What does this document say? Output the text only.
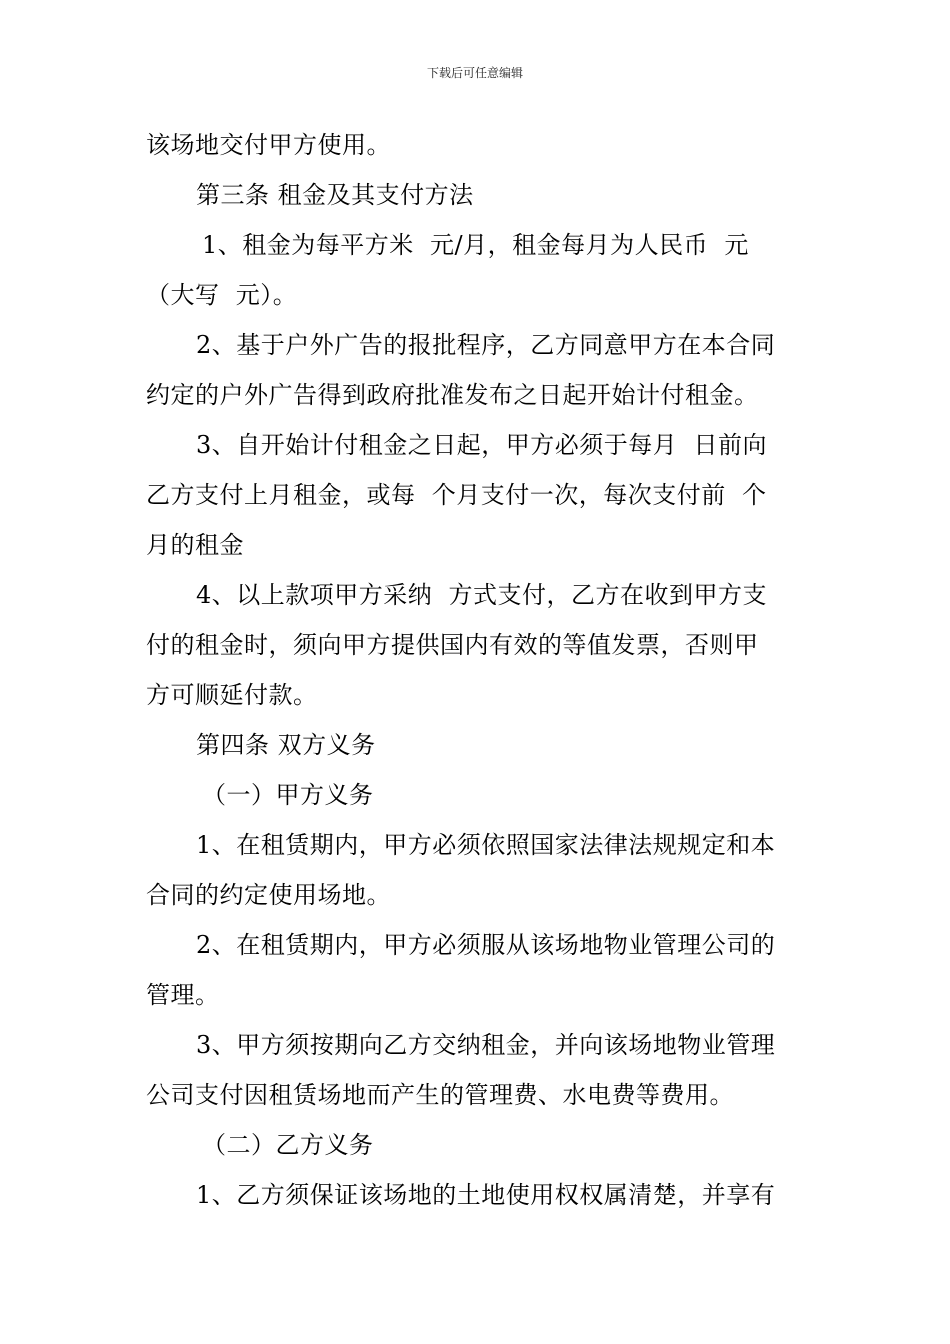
下载后可任意编辑
该场地交付甲方使用。
第三条 租金及其支付方法
1、租金为每平方米  元/月，租金每月为人民币  元
（大写  元）。
2、基于户外广告的报批程序，乙方同意甲方在本合同
约定的户外广告得到政府批准发布之日起开始计付租金。
3、自开始计付租金之日起，甲方必须于每月  日前向
乙方支付上月租金，或每  个月支付一次，每次支付前  个
月的租金
4、以上款项甲方采纳  方式支付，乙方在收到甲方支
付的租金时，须向甲方提供国内有效的等值发票，否则甲
方可顺延付款。
第四条 双方义务
（一）甲方义务
1、在租赁期内，甲方必须依照国家法律法规规定和本
合同的约定使用场地。
2、在租赁期内，甲方必须服从该场地物业管理公司的
管理。
3、甲方须按期向乙方交纳租金，并向该场地物业管理
公司支付因租赁场地而产生的管理费、水电费等费用。
（二）乙方义务
1、乙方须保证该场地的土地使用权权属清楚，并享有
